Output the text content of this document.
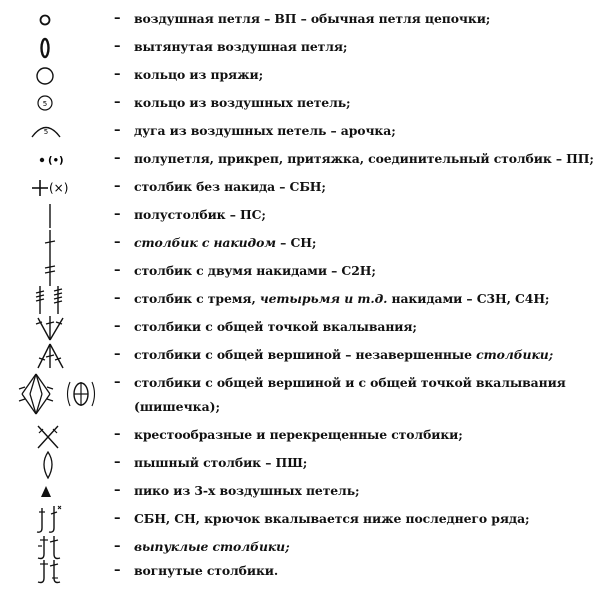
– воздушная петля – ВП – обычная петля цепочки;
– вытянутая воздушная петля;
– кольцо из пряжи;
5	– кольцо из воздушных петель;
5	– дуга из воздушных петель – арочка;
(•)	– полупетля, прикреп, притяжка, соединительный столбик – ПП;
(×)	– столбик без накида – СБН;
– полустолбик – ПС;
– столбик с накидом – СН;
– столбик с двумя накидами – С2Н;
– столбик с тремя, четырьмя и т.д. накидами – С3Н, С4Н;
– столбики с общей точкой вкалывания;
– столбики с общей вершиной – незавершенные столбики;
– столбики с общей вершиной и с общей точкой вкалывания
(шишечка);
– крестообразные и перекрещенные столбики;
– пышный столбик – ПШ;
– пико из 3-х воздушных петель;
– СБН, СН, крючок вкалывается ниже последнего ряда;
– выпуклые столбики;
– вогнутые столбики.
